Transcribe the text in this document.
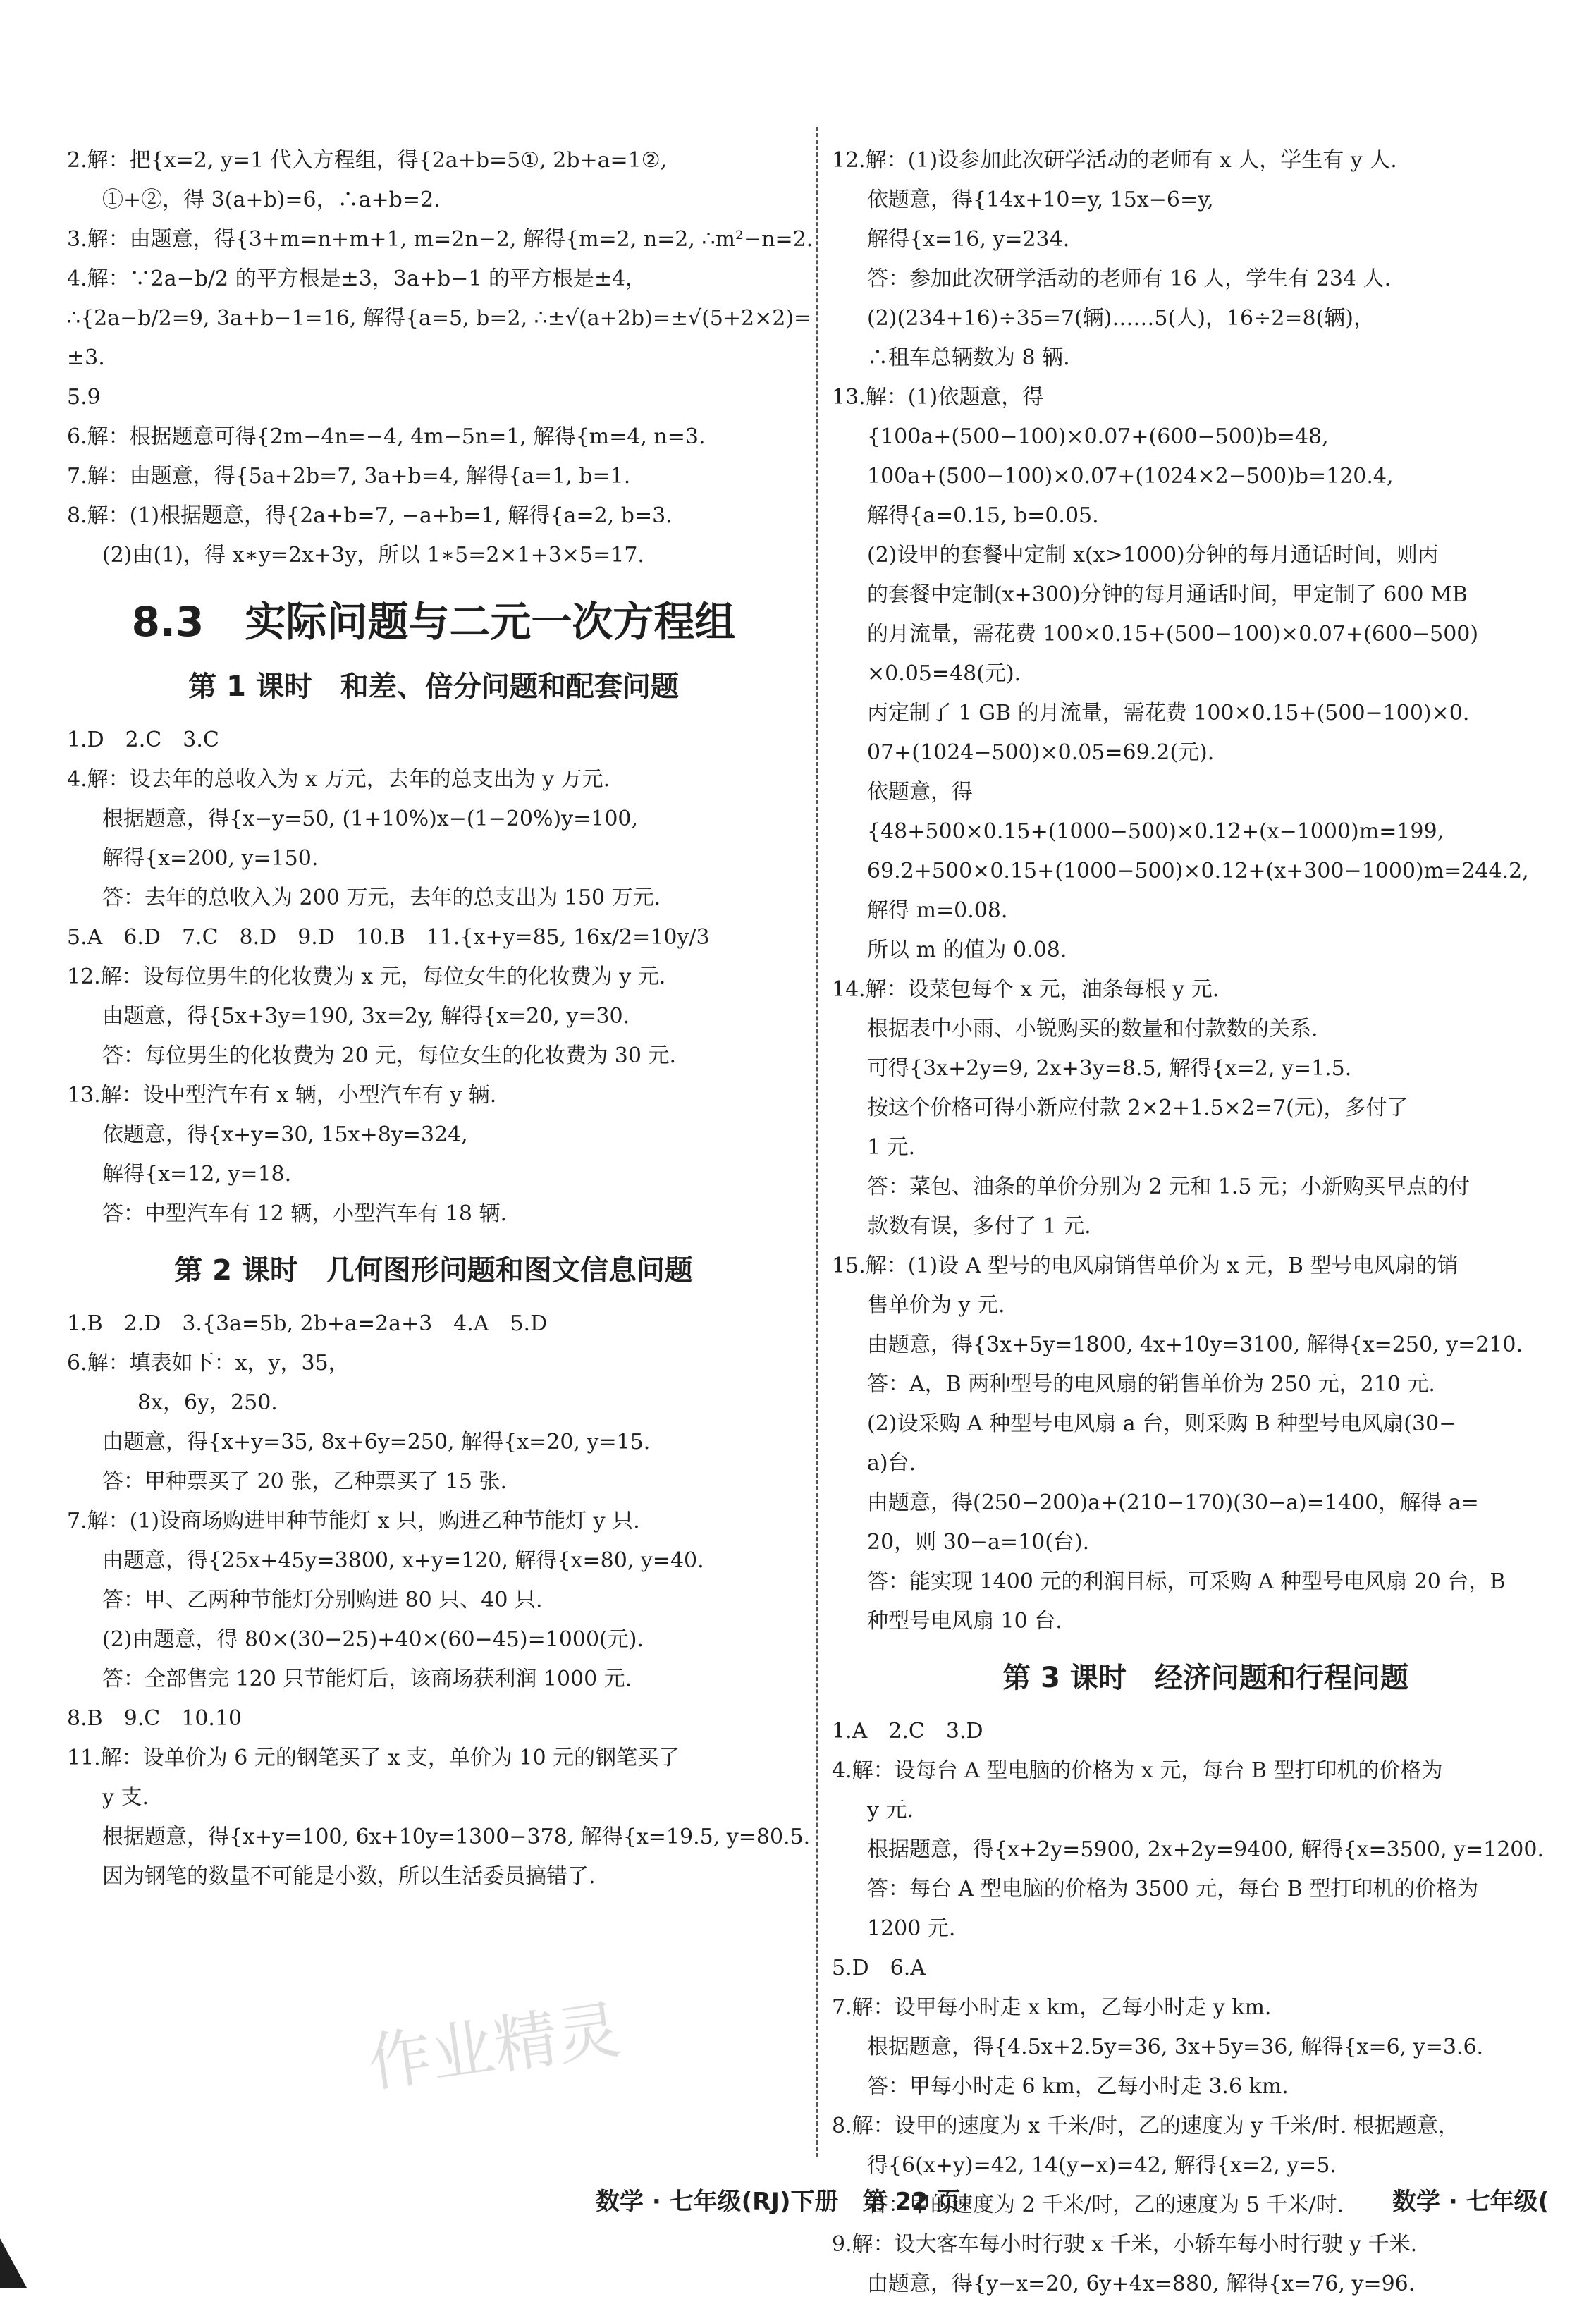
2.解：把{x=2, y=1 代入方程组，得{2a+b=5①, 2b+a=1②,
①+②，得 3(a+b)=6，∴a+b=2.
3.解：由题意，得{3+m=n+m+1, m=2n−2, 解得{m=2, n=2, ∴m²−n=2.
4.解：∵2a−b/2 的平方根是±3，3a+b−1 的平方根是±4，
∴{2a−b/2=9, 3a+b−1=16, 解得{a=5, b=2, ∴±√(a+2b)=±√(5+2×2)=
±3.
5.9
6.解：根据题意可得{2m−4n=−4, 4m−5n=1, 解得{m=4, n=3.
7.解：由题意，得{5a+2b=7, 3a+b=4, 解得{a=1, b=1.
8.解：(1)根据题意，得{2a+b=7, −a+b=1, 解得{a=2, b=3.
(2)由(1)，得 x∗y=2x+3y，所以 1∗5=2×1+3×5=17.
8.3　实际问题与二元一次方程组
第 1 课时　和差、倍分问题和配套问题
1.D　2.C　3.C
4.解：设去年的总收入为 x 万元，去年的总支出为 y 万元.
根据题意，得{x−y=50, (1+10%)x−(1−20%)y=100,
解得{x=200, y=150.
答：去年的总收入为 200 万元，去年的总支出为 150 万元.
5.A　6.D　7.C　8.D　9.D　10.B　11.{x+y=85, 16x/2=10y/3
12.解：设每位男生的化妆费为 x 元，每位女生的化妆费为 y 元.
由题意，得{5x+3y=190, 3x=2y, 解得{x=20, y=30.
答：每位男生的化妆费为 20 元，每位女生的化妆费为 30 元.
13.解：设中型汽车有 x 辆，小型汽车有 y 辆.
依题意，得{x+y=30, 15x+8y=324,
解得{x=12, y=18.
答：中型汽车有 12 辆，小型汽车有 18 辆.
第 2 课时　几何图形问题和图文信息问题
1.B　2.D　3.{3a=5b, 2b+a=2a+3　4.A　5.D
6.解：填表如下：x，y，35，
8x，6y，250.
由题意，得{x+y=35, 8x+6y=250, 解得{x=20, y=15.
答：甲种票买了 20 张，乙种票买了 15 张.
7.解：(1)设商场购进甲种节能灯 x 只，购进乙种节能灯 y 只.
由题意，得{25x+45y=3800, x+y=120, 解得{x=80, y=40.
答：甲、乙两种节能灯分别购进 80 只、40 只.
(2)由题意，得 80×(30−25)+40×(60−45)=1000(元).
答：全部售完 120 只节能灯后，该商场获利润 1000 元.
8.B　9.C　10.10
11.解：设单价为 6 元的钢笔买了 x 支，单价为 10 元的钢笔买了
y 支.
根据题意，得{x+y=100, 6x+10y=1300−378, 解得{x=19.5, y=80.5.
因为钢笔的数量不可能是小数，所以生活委员搞错了.
12.解：(1)设参加此次研学活动的老师有 x 人，学生有 y 人.
依题意，得{14x+10=y, 15x−6=y,
解得{x=16, y=234.
答：参加此次研学活动的老师有 16 人，学生有 234 人.
(2)(234+16)÷35=7(辆)……5(人)，16÷2=8(辆)，
∴租车总辆数为 8 辆.
13.解：(1)依题意，得
{100a+(500−100)×0.07+(600−500)b=48,
100a+(500−100)×0.07+(1024×2−500)b=120.4,
解得{a=0.15, b=0.05.
(2)设甲的套餐中定制 x(x>1000)分钟的每月通话时间，则丙
的套餐中定制(x+300)分钟的每月通话时间，甲定制了 600 MB
的月流量，需花费 100×0.15+(500−100)×0.07+(600−500)
×0.05=48(元).
丙定制了 1 GB 的月流量，需花费 100×0.15+(500−100)×0.
07+(1024−500)×0.05=69.2(元).
依题意，得
{48+500×0.15+(1000−500)×0.12+(x−1000)m=199,
69.2+500×0.15+(1000−500)×0.12+(x+300−1000)m=244.2,
解得 m=0.08.
所以 m 的值为 0.08.
14.解：设菜包每个 x 元，油条每根 y 元.
根据表中小雨、小锐购买的数量和付款数的关系.
可得{3x+2y=9, 2x+3y=8.5, 解得{x=2, y=1.5.
按这个价格可得小新应付款 2×2+1.5×2=7(元)，多付了
1 元.
答：菜包、油条的单价分别为 2 元和 1.5 元；小新购买早点的付
款数有误，多付了 1 元.
15.解：(1)设 A 型号的电风扇销售单价为 x 元，B 型号电风扇的销
售单价为 y 元.
由题意，得{3x+5y=1800, 4x+10y=3100, 解得{x=250, y=210.
答：A，B 两种型号的电风扇的销售单价为 250 元，210 元.
(2)设采购 A 种型号电风扇 a 台，则采购 B 种型号电风扇(30−
a)台.
由题意，得(250−200)a+(210−170)(30−a)=1400，解得 a=
20，则 30−a=10(台).
答：能实现 1400 元的利润目标，可采购 A 种型号电风扇 20 台，B
种型号电风扇 10 台.
第 3 课时　经济问题和行程问题
1.A　2.C　3.D
4.解：设每台 A 型电脑的价格为 x 元，每台 B 型打印机的价格为
y 元.
根据题意，得{x+2y=5900, 2x+2y=9400, 解得{x=3500, y=1200.
答：每台 A 型电脑的价格为 3500 元，每台 B 型打印机的价格为
1200 元.
5.D　6.A
7.解：设甲每小时走 x km，乙每小时走 y km.
根据题意，得{4.5x+2.5y=36, 3x+5y=36, 解得{x=6, y=3.6.
答：甲每小时走 6 km，乙每小时走 3.6 km.
8.解：设甲的速度为 x 千米/时，乙的速度为 y 千米/时. 根据题意，
得{6(x+y)=42, 14(y−x)=42, 解得{x=2, y=5.
答：甲的速度为 2 千米/时，乙的速度为 5 千米/时.
9.解：设大客车每小时行驶 x 千米，小轿车每小时行驶 y 千米.
由题意，得{y−x=20, 6y+4x=880, 解得{x=76, y=96.
作业精灵
数学 · 七年级(RJ)下册　第 22 页	数学 · 七年级(
